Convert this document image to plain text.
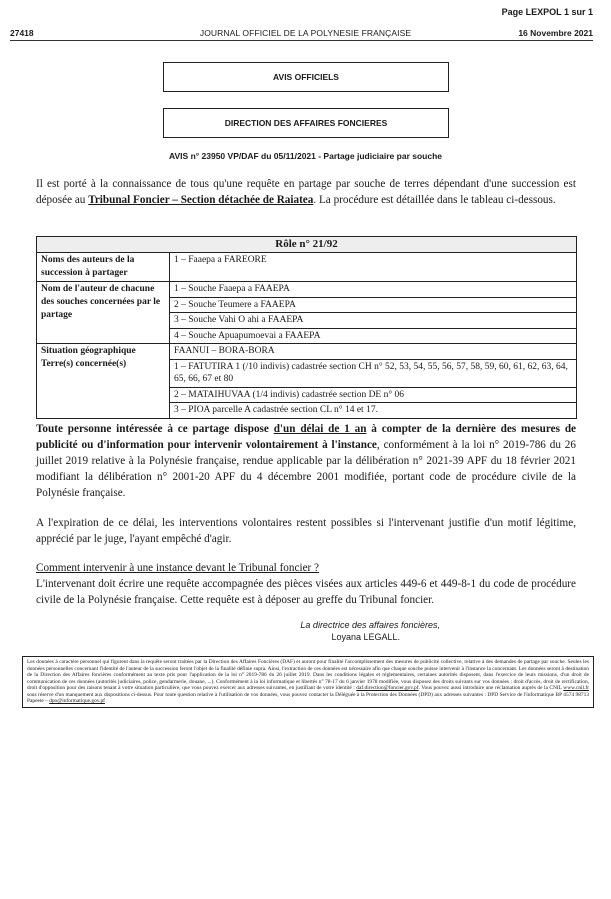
Page LEXPOL 1 sur 1
27418	JOURNAL OFFICIEL DE LA POLYNESIE FRANÇAISE	16 Novembre 2021
AVIS OFFICIELS
DIRECTION DES AFFAIRES FONCIERES
AVIS n° 23950 VP/DAF du 05/11/2021 - Partage judiciaire par souche
Il est porté à la connaissance de tous qu'une requête en partage par souche de terres dépendant d'une succession est déposée au Tribunal Foncier – Section détachée de Raiatea. La procédure est détaillée dans le tableau ci-dessous.
Rôle n° 21/92	
Noms des auteurs de la succession à partager	1 – Faaepa a FAREORE

Nom de l'auteur de chacune des souches concernées par le partage	1 – Souche Faaepa a FAAEPA
2 – Souche Teumere a FAAEPA
3 – Souche Vahi O ahi a FAAEPA
4 – Souche Apuapumoevai a FAAEPA

Situation géographique Terre(s) concernée(s)	FAANUI – BORA-BORA
1 – FATUTIRA 1 (/10 indivis) cadastrée section CH n° 52, 53, 54, 55, 56, 57, 58, 59, 60, 61, 62, 63, 64, 65, 66, 67 et 80
2 – MATAIHUVAA (1/4 indivis) cadastrée section DE n° 06
3 – PIOA parcelle A cadastrée section CL n° 14 et 17.
Toute personne intéressée à ce partage dispose d'un délai de 1 an à compter de la dernière des mesures de publicité ou d'information pour intervenir volontairement à l'instance, conformément à la loi n° 2019-786 du 26 juillet 2019 relative à la Polynésie française, rendue applicable par la délibération n° 2021-39 APF du 18 février 2021 modifiant la délibération n° 2001-20 APF du 4 décembre 2001 modifiée, portant code de procédure civile de la Polynésie française.
A l'expiration de ce délai, les interventions volontaires restent possibles si l'intervenant justifie d'un motif légitime, apprécié par le juge, l'ayant empêché d'agir.
Comment intervenir à une instance devant le Tribunal foncier ?
L'intervenant doit écrire une requête accompagnée des pièces visées aux articles 449-6 et 449-8-1 du code de procédure civile de la Polynésie française. Cette requête est à déposer au greffe du Tribunal foncier.
La directrice des affaires foncières,
Loyana LEGALL.
Les données à caractère personnel qui figurent dans la requête seront traitées par la Direction des Affaires Foncières (DAF) et auront pour finalité l'accomplissement des mesures de publicité collective, relative à des demandes de partage par souche. Seules les données personnelles concernant l'identité de l'auteur de la succession feront l'objet de la finalité définie supra. Ainsi, l'extraction de ces données est nécessaire afin que chaque souche puisse intervenir à l'instance la concernant. Les données seront à destination de la Direction des Affaires foncières conformément au texte pris pour l'application de la loi n° 2019-786 du 26 juillet 2019. Dans les conditions légales et réglementaires, certaines autorités disposent, dans l'exercice de leurs missions, d'un droit de communication de ces données (autorités judiciaires, police, gendarmerie, douane, ...). Conformément à la loi informatique et libertés n° 78-17 du 6 janvier 1978 modifiée, vous disposez des droits suivants sur vos données : droit d'accès, droit de rectification, droit d'opposition pour des raisons tenant à votre situation particulière, que vous pouvez exercer aux adresses suivantes, en justifiant de votre identité : daf.direction@foncier.gov.pf. Vous pouvez aussi introduire une réclamation auprès de la CNIL www.cnil.fr sous réserve d'un manquement aux dispositions ci-dessus. Pour toute question relative à l'utilisation de vos données, vous pouvez contacter la Déléguée à la Protection des Données (DPD) aux adresses suivantes : DPD Service de l'informatique BP 4574 98713 Papeete – dpo@informatique.gov.pf
